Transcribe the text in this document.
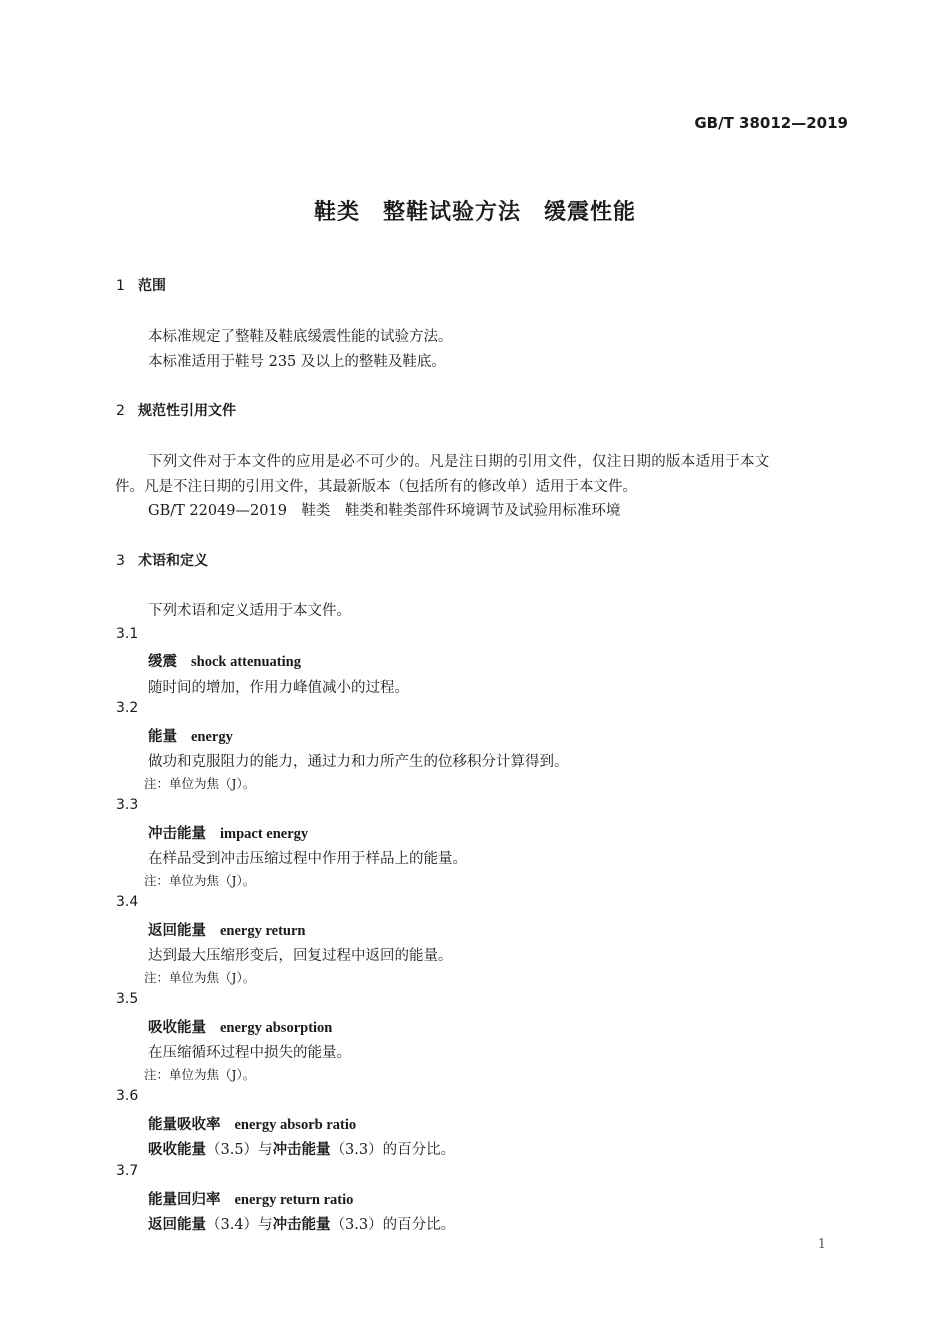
GB/T 38012—2019
鞋类　整鞋试验方法　缓震性能
1 范围
本标准规定了整鞋及鞋底缓震性能的试验方法。
本标准适用于鞋号 235 及以上的整鞋及鞋底。
2 规范性引用文件
下列文件对于本文件的应用是必不可少的。凡是注日期的引用文件，仅注日期的版本适用于本文
件。凡是不注日期的引用文件，其最新版本（包括所有的修改单）适用于本文件。
GB/T 22049—2019　鞋类　鞋类和鞋类部件环境调节及试验用标准环境
3 术语和定义
下列术语和定义适用于本文件。
3.1
缓震 shock attenuating
随时间的增加，作用力峰值减小的过程。
3.2
能量 energy
做功和克服阻力的能力，通过力和力所产生的位移积分计算得到。
注：单位为焦（J）。
3.3
冲击能量 impact energy
在样品受到冲击压缩过程中作用于样品上的能量。
注：单位为焦（J）。
3.4
返回能量 energy return
达到最大压缩形变后，回复过程中返回的能量。
注：单位为焦（J）。
3.5
吸收能量 energy absorption
在压缩循环过程中损失的能量。
注：单位为焦（J）。
3.6
能量吸收率 energy absorb ratio
吸收能量（3.5）与冲击能量（3.3）的百分比。
3.7
能量回归率 energy return ratio
返回能量（3.4）与冲击能量（3.3）的百分比。
1
